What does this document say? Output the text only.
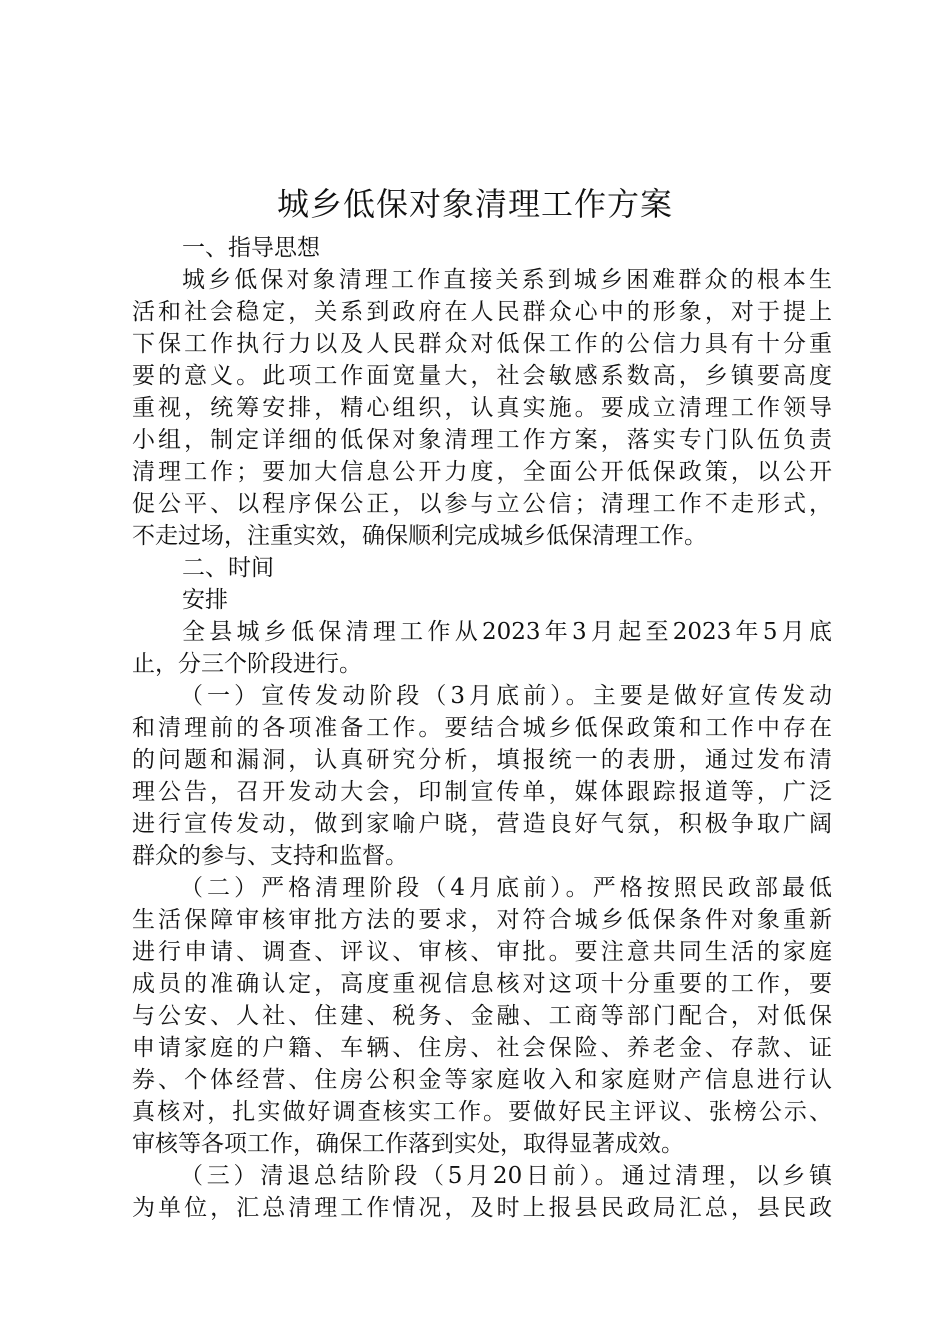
城乡低保对象清理工作方案
一、指导思想
城乡低保对象清理工作直接关系到城乡困难群众的根本生
活和社会稳定，关系到政府在人民群众心中的形象，对于提上
下保工作执行力以及人民群众对低保工作的公信力具有十分重
要的意义。此项工作面宽量大，社会敏感系数高，乡镇要高度
重视，统筹安排，精心组织，认真实施。要成立清理工作领导
小组，制定详细的低保对象清理工作方案，落实专门队伍负责
清理工作；要加大信息公开力度，全面公开低保政策，以公开
促公平、以程序保公正，以参与立公信；清理工作不走形式，
不走过场，注重实效，确保顺利完成城乡低保清理工作。
二、时间
安排
全县城乡低保清理工作从2023年3月起至2023年5月底
止，分三个阶段进行。
（一）宣传发动阶段（3月底前）。主要是做好宣传发动
和清理前的各项准备工作。要结合城乡低保政策和工作中存在
的问题和漏洞，认真研究分析，填报统一的表册，通过发布清
理公告，召开发动大会，印制宣传单，媒体跟踪报道等，广泛
进行宣传发动，做到家喻户晓，营造良好气氛，积极争取广阔
群众的参与、支持和监督。
（二）严格清理阶段（4月底前）。严格按照民政部最低
生活保障审核审批方法的要求，对符合城乡低保条件对象重新
进行申请、调查、评议、审核、审批。要注意共同生活的家庭
成员的准确认定，高度重视信息核对这项十分重要的工作，要
与公安、人社、住建、税务、金融、工商等部门配合，对低保
申请家庭的户籍、车辆、住房、社会保险、养老金、存款、证
券、个体经营、住房公积金等家庭收入和家庭财产信息进行认
真核对，扎实做好调查核实工作。要做好民主评议、张榜公示、
审核等各项工作，确保工作落到实处，取得显著成效。
（三）清退总结阶段（5月20日前）。通过清理，以乡镇
为单位，汇总清理工作情况，及时上报县民政局汇总，县民政
